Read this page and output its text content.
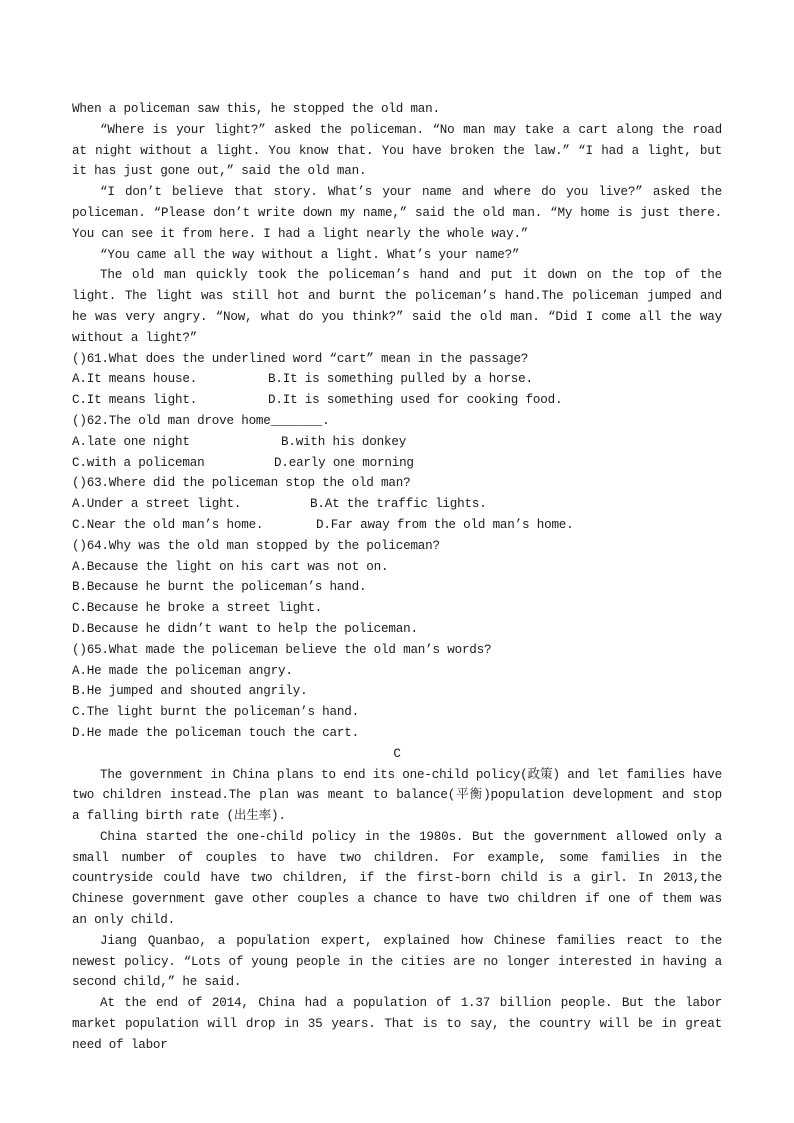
When a policeman saw this, he stopped the old man.

“Where is your light?” asked the policeman. “No man may take a cart along the road at night without a light. You know that. You have broken the law.” “I had a light, but it has just gone out,” said the old man.

“I don’t believe that story. What’s your name and where do you live?” asked the policeman. “Please don’t write down my name,” said the old man. “My home is just there. You can see it from here. I had a light nearly the whole way.”

“You came all the way without a light. What’s your name?”

The old man quickly took the policeman’s hand and put it down on the top of the light. The light was still hot and burnt the policeman’s hand.The policeman jumped and he was very angry. “Now, what do you think?” said the old man. “Did I come all the way without a light?”

()61.What does the underlined word “cart” mean in the passage?

A.It means house.	B.It is something pulled by a horse.
C.It means light.	D.It is something used for cooking food.

()62.The old man drove home_______.

A.late one night	B.with his donkey
C.with a policeman	D.early one morning

()63.Where did the policeman stop the old man?

A.Under a street light.	B.At the traffic lights.
C.Near the old man’s home.	D.Far away from the old man’s home.

()64.Why was the old man stopped by the policeman?

A.Because the light on his cart was not on.

B.Because he burnt the policeman’s hand.

C.Because he broke a street light.

D.Because he didn’t want to help the policeman.

()65.What made the policeman believe the old man’s words?

A.He made the policeman angry.

B.He jumped and shouted angrily.

C.The light burnt the policeman’s hand.

D.He made the policeman touch the cart.

C

The government in China plans to end its one-child policy(政策) and let families have two children instead.The plan was meant to balance(平衡)population development and stop a falling birth rate (出生率).

China started the one-child policy in the 1980s. But the government allowed only a small number of couples to have two children. For example, some families in the countryside could have two children, if the first-born child is a girl. In 2013,the Chinese government gave other couples a chance to have two children if one of them was an only child.

Jiang Quanbao, a population expert, explained how Chinese families react to the newest policy. “Lots of young people in the cities are no longer interested in having a second child,” he said.

At the end of 2014, China had a population of 1.37 billion people. But the labor market population will drop in 35 years. That is to say, the country will be in great need of labor
